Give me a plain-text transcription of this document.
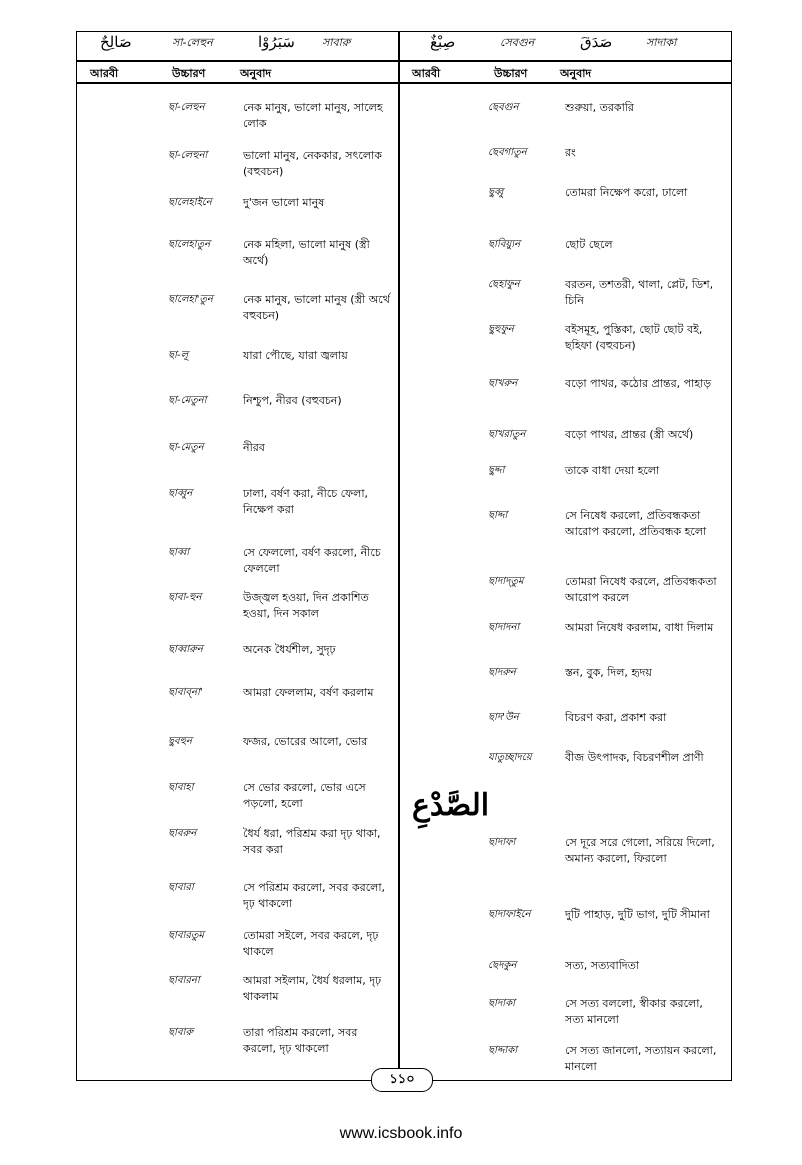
صَالِحٌ	সা-লেহুন	سَبَرُوْا সাবারু	صِبْغٌ	সেবগুন	صَدَقَ	সাদাকা
আরবী	উচ্চারণ	অনুবাদ	আরবী	উচ্চারণ	অনুবাদ
ছা-লেহুন	নেক মানুষ, ভালো মানুষ, সালেহ লোক
ছা-লেহুনা	ভালো মানুষ, নেককার, সৎলোক (বহুবচন)
ছালেহাইনে	দু'জন ভালো মানুষ
ছালেহাতুন	নেক মহিলা, ভালো মানুষ (স্ত্রী অর্থে)
ছালেহা'তুন	নেক মানুষ, ভালো মানুষ (স্ত্রী অর্থে বহুবচন)
ছা-লূ	যারা পৌছে, যারা জ্বলায়
ছা-মেতুনা	নিশ্চুপ, নীরব (বহুবচন)
ছা-মেতুন	নীরব
ছাব্বুন	ঢালা, বর্ষণ করা, নীচে ফেলা, নিক্ষেপ করা
ছাব্বা	সে ফেললো, বর্ষণ করলো, নীচে ফেললো
ছাবা-হুন	উজ্জ্বল হওয়া, দিন প্রকাশিত হওয়া, দিন সকাল
ছাব্বারুন	অনেক ধৈর্যশীল, সুদৃঢ়
ছাবাব্না'	আমরা ফেললাম, বর্ষণ করলাম
ছুবহুন	ফজর, ভোরের আলো, ভোর
ছাবাহা	সে ভোর করলো, ভোর এসে পড়লো, হলো
ছাবরুন	ধৈর্য ধরা, পরিশ্রম করা দৃঢ় থাকা, সবর করা
ছাবারা	সে পরিশ্রম করলো, সবর করলো, দৃঢ় থাকলো
ছাবারতুম	তোমরা সইলে, সবর করলে, দৃঢ় থাকলে
ছাবারনা	আমরা সইলাম, ধৈর্য ধরলাম, দৃঢ় থাকলাম
ছাবারু	তারা পরিশ্রম করলো, সবর করলো, দৃঢ় থাকলো
ছেবগুন	শুরুয়া, তরকারি
ছেবগাতুন	রং
ছুব্বু	তোমরা নিক্ষেপ করো, ঢালো
ছাবিয়্যুন	ছোট ছেলে
ছেহাফুন	বরতন, তশতরী, থালা, প্লেট, ডিশ, চিনি
ছুহুফুন	বইসমূহ, পুস্তিকা, ছোট ছোট বই, ছহিফা (বহুবচন)
ছাখরুন	বড়ো পাথর, কঠোর প্রান্তর, পাহাড়
ছাখরাতুন	বড়ো পাথর, প্রান্তর (স্ত্রী অর্থে)
ছুদ্দা	তাকে বাধা দেয়া হলো
ছাদ্দা	সে নিষেধ করলো, প্রতিবন্ধকতা আরোপ করলো, প্রতিবন্ধক হলো
ছাদাদ্তুম	তোমরা নিষেধ করলে, প্রতিবন্ধকতা আরোপ করলে
ছাদাদনা	আমরা নিষেধ করলাম, বাধা দিলাম
ছাদরুন	স্তন, বুক, দিল, হৃদয়
ছাদ'উন	বিচরণ করা, প্রকাশ করা
যাতুচ্ছাদয়ে	বীজ উৎপাদক, বিচরণশীল প্রাণী
ছাদাফা	সে দূরে সরে গেলো, সরিয়ে দিলো, অমান্য করলো, ফিরলো
ছাদাফাইনে	দুটি পাহাড়, দুটি ভাগ, দুটি সীমানা
ছেদকুন	সত্য, সত্যবাদিতা
ছাদাকা	সে সত্য বললো, স্বীকার করলো, সত্য মানলো
ছাদ্দাকা	সে সত্য জানলো, সত্যায়ন করলো, মানলো
الصَّدْعِ
১১০
www.icsbook.info
